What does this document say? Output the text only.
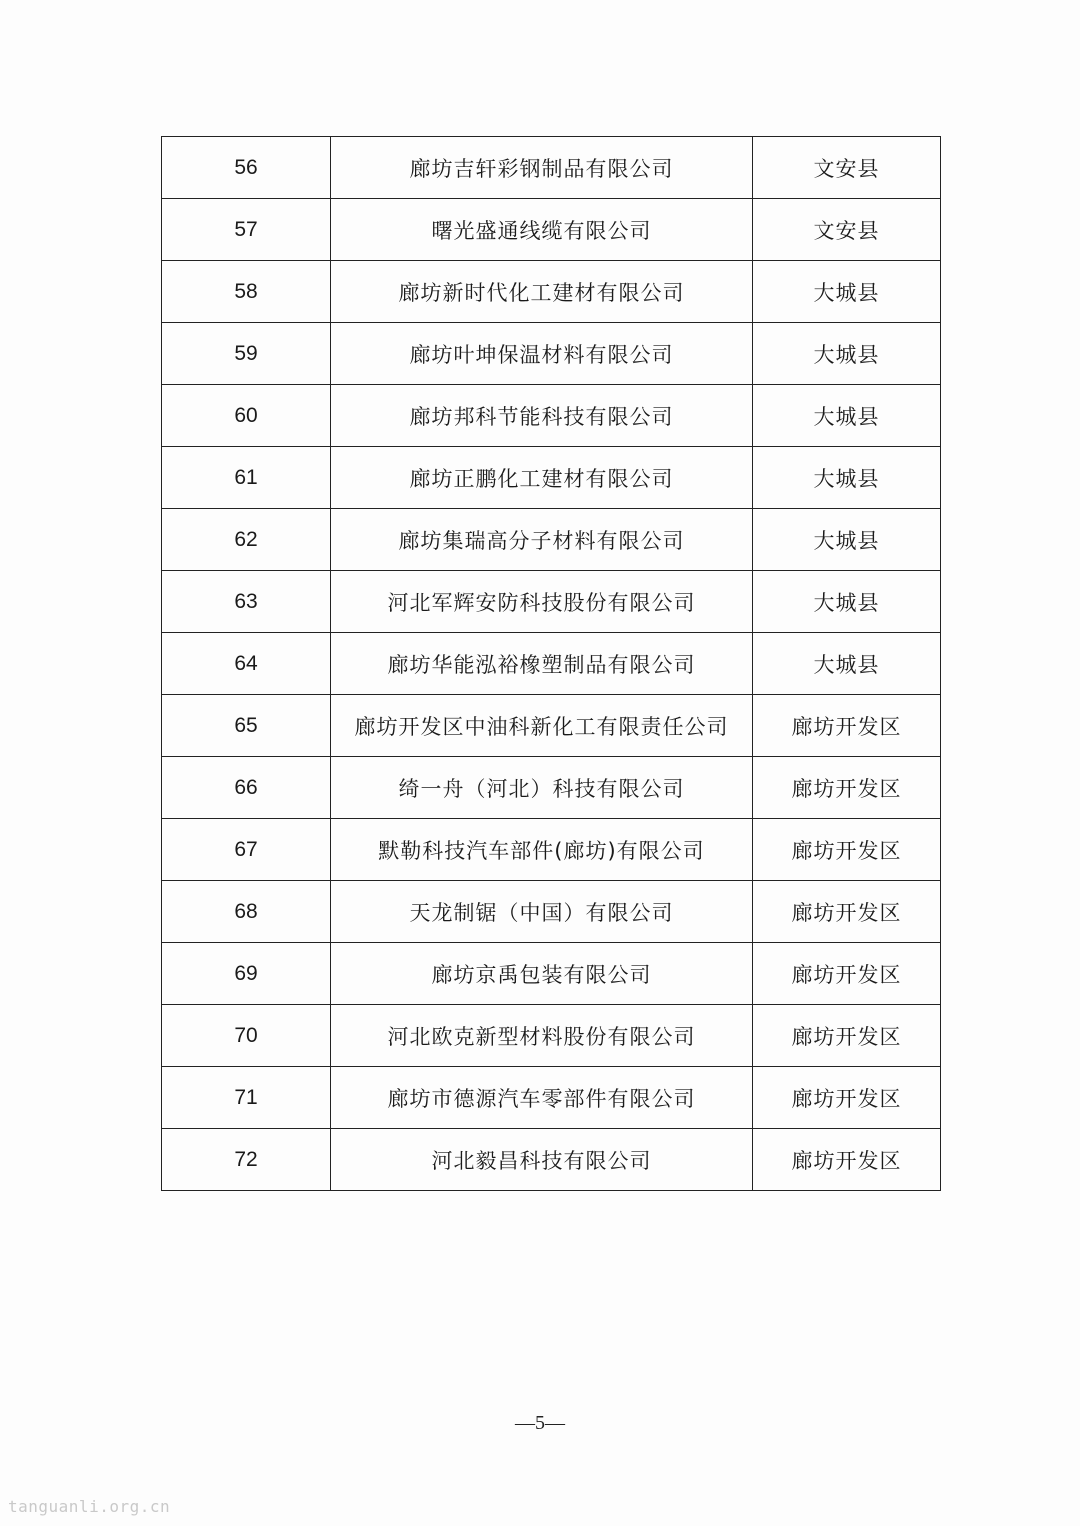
56	廊坊吉轩彩钢制品有限公司	文安县
57	曙光盛通线缆有限公司	文安县
58	廊坊新时代化工建材有限公司	大城县
59	廊坊叶坤保温材料有限公司	大城县
60	廊坊邦科节能科技有限公司	大城县
61	廊坊正鹏化工建材有限公司	大城县
62	廊坊集瑞高分子材料有限公司	大城县
63	河北军辉安防科技股份有限公司	大城县
64	廊坊华能泓裕橡塑制品有限公司	大城县
65	廊坊开发区中油科新化工有限责任公司	廊坊开发区
66	绮一舟（河北）科技有限公司	廊坊开发区
67	默勒科技汽车部件(廊坊)有限公司	廊坊开发区
68	天龙制锯（中国）有限公司	廊坊开发区
69	廊坊京禹包装有限公司	廊坊开发区
70	河北欧克新型材料股份有限公司	廊坊开发区
71	廊坊市德源汽车零部件有限公司	廊坊开发区
72	河北毅昌科技有限公司	廊坊开发区
—5—
tanguanli.org.cn
